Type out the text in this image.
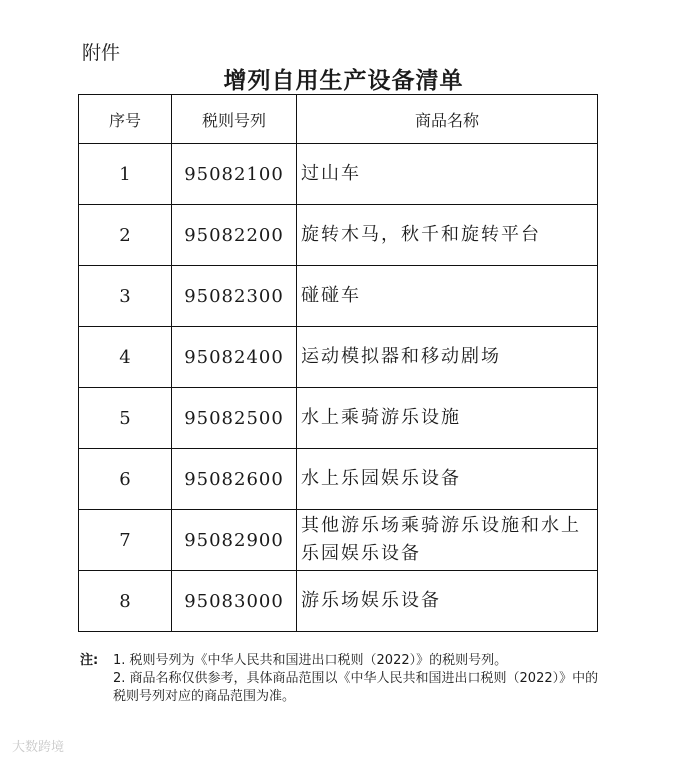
附件
增列自用生产设备清单
序号	税则号列	商品名称
1	95082100	过山车
2	95082200	旋转木马，秋千和旋转平台
3	95082300	碰碰车
4	95082400	运动模拟器和移动剧场
5	95082500	水上乘骑游乐设施
6	95082600	水上乐园娱乐设备
7	95082900	其他游乐场乘骑游乐设施和水上乐园娱乐设备
8	95083000	游乐场娱乐设备
注: 1. 税则号列为《中华人民共和国进出口税则（2022）》的税则号列。
2. 商品名称仅供参考，具体商品范围以《中华人民共和国进出口税则（2022）》中的税则号列对应的商品范围为准。
大数跨境
